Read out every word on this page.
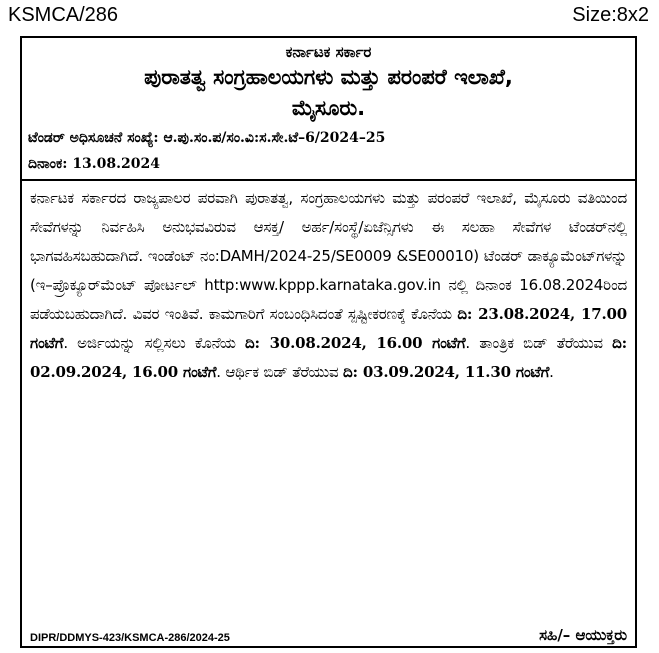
KSMCA/286	Size:8x2
ಕರ್ನಾಟಕ ಸರ್ಕಾರ
ಪುರಾತತ್ವ ಸಂಗ್ರಹಾಲಯಗಳು ಮತ್ತು ಪರಂಪರೆ ಇಲಾಖೆ,
ಮೈಸೂರು.
ಟೆಂಡರ್ ಅಧಿಸೂಚನೆ ಸಂಖ್ಯೆ: ಆ.ಪು.ಸಂ.ಪ/ಸಂ.ವಿ:ಸ.ಸೇ.ಟೆ–6/2024–25
ದಿನಾಂಕ: 13.08.2024
ಕರ್ನಾಟಕ ಸರ್ಕಾರದ ರಾಜ್ಯಪಾಲರ ಪರವಾಗಿ ಪುರಾತತ್ವ, ಸಂಗ್ರಹಾಲಯಗಳು ಮತ್ತು ಪರಂಪರೆ ಇಲಾಖೆ, ಮೈಸೂರು ವತಿಯಿಂದ ಸೇವೆಗಳನ್ನು ನಿರ್ವಹಿಸಿ ಅನುಭವವಿರುವ ಆಸಕ್ತ/ ಅರ್ಹ/ಸಂಸ್ಥೆ/ಏಜೆನ್ಸಿಗಳು ಈ ಸಲಹಾ ಸೇವೆಗಳ ಟೆಂಡರ್‌ನಲ್ಲಿ ಭಾಗವಹಿಸಬಹುದಾಗಿದೆ. ಇಂಡೆಂಟ್ ನಂ:DAMH/2024-25/SE0009 &SE00010) ಟೆಂಡರ್ ಡಾಕ್ಯೂಮೆಂಟ್‌ಗಳನ್ನು (ಇ–ಪ್ರೊಕ್ಯೂರ್‌ಮೆಂಟ್ ಪೋರ್ಟಲ್ http:www.kppp.karnataka.gov.in ನಲ್ಲಿ ದಿನಾಂಕ 16.08.2024ರಿಂದ ಪಡೆಯಬಹುದಾಗಿದೆ. ವಿವರ ಇಂತಿವೆ. ಕಾಮಗಾರಿಗೆ ಸಂಬಂಧಿಸಿದಂತೆ ಸ್ಪಷ್ಟೀಕರಣಕ್ಕೆ ಕೊನೆಯ ದಿ: 23.08.2024, 17.00 ಗಂಟೆಗೆ. ಅರ್ಜಿಯನ್ನು ಸಲ್ಲಿಸಲು ಕೊನೆಯ ದಿ: 30.08.2024, 16.00 ಗಂಟೆಗೆ. ತಾಂತ್ರಿಕ ಬಿಡ್ ತೆರೆಯುವ ದಿ: 02.09.2024, 16.00 ಗಂಟೆಗೆ. ಆರ್ಥಿಕ ಬಿಡ್ ತೆರೆಯುವ ದಿ: 03.09.2024, 11.30 ಗಂಟೆಗೆ.
DIPR/DDMYS-423/KSMCA-286/2024-25	ಸಹಿ/– ಆಯುಕ್ತರು
